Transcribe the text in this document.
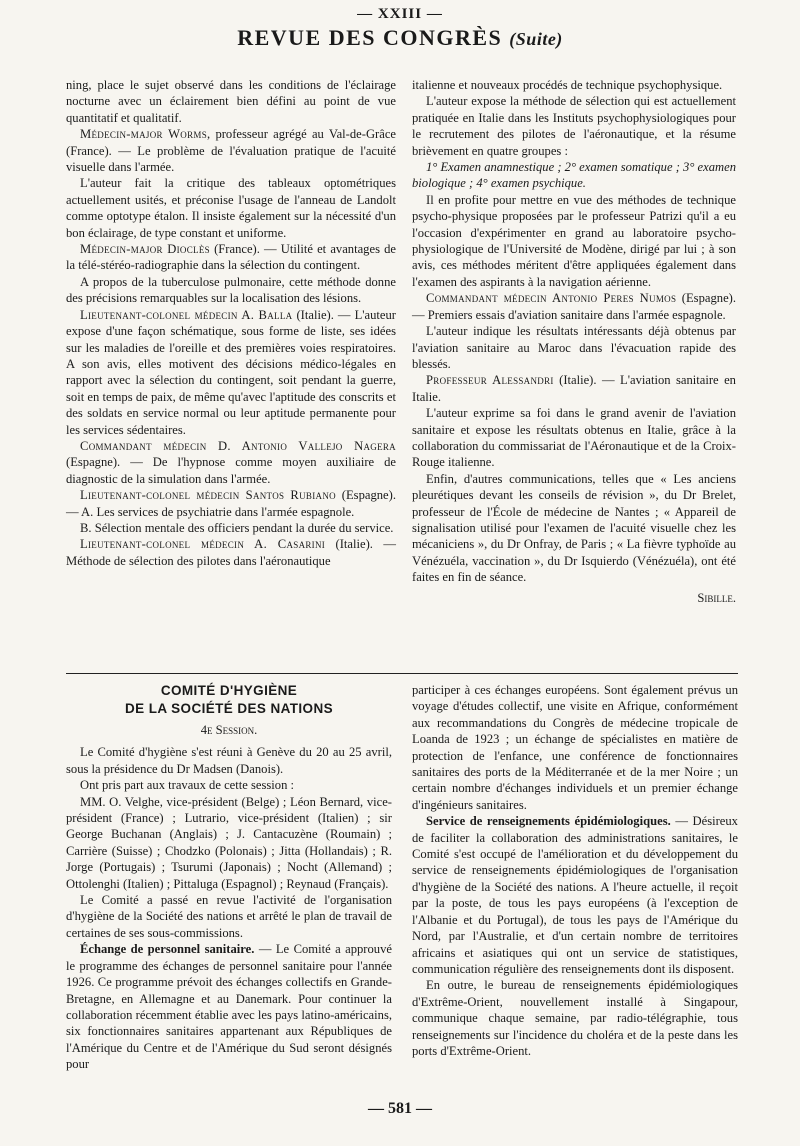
— XXIII —
REVUE DES CONGRÈS (Suite)

ning, place le sujet observé dans les conditions de l'éclairage nocturne avec un éclairement bien défini au point de vue quantitatif et qualitatif.

Médecin-major Worms, professeur agrégé au Val-de-Grâce (France). — Le problème de l'évaluation pratique de l'acuité visuelle dans l'armée.

L'auteur fait la critique des tableaux optométriques actuellement usités, et préconise l'usage de l'anneau de Landolt comme optotype étalon. Il insiste également sur la nécessité d'un bon éclairage, de type constant et uniforme.

Médecin-major Dioclès (France). — Utilité et avantages de la télé-stéréo-radiographie dans la sélection du contingent.

A propos de la tuberculose pulmonaire, cette méthode donne des précisions remarquables sur la localisation des lésions.

Lieutenant-colonel médecin A. Balla (Italie). — L'auteur expose d'une façon schématique, sous forme de liste, ses idées sur les maladies de l'oreille et des premières voies respiratoires. A son avis, elles motivent des décisions médico-légales en rapport avec la sélection du contingent, soit pendant la guerre, soit en temps de paix, de même qu'avec l'aptitude des conscrits et des soldats en service normal ou leur aptitude permanente pour les services sédentaires.

Commandant médecin D. Antonio Vallejo Nagera (Espagne). — De l'hypnose comme moyen auxiliaire de diagnostic de la simulation dans l'armée.

Lieutenant-colonel médecin Santos Rubiano (Espagne). — A. Les services de psychiatrie dans l'armée espagnole.

B. Sélection mentale des officiers pendant la durée du service.

Lieutenant-colonel médecin A. Casarini (Italie). — Méthode de sélection des pilotes dans l'aéronautique

italienne et nouveaux procédés de technique psychophysique.

L'auteur expose la méthode de sélection qui est actuellement pratiquée en Italie dans les Instituts psychophysiologiques pour le recrutement des pilotes de l'aéronautique, et la résume brièvement en quatre groupes :

1° Examen anamnestique ; 2° examen somatique ; 3° examen biologique ; 4° examen psychique.

Il en profite pour mettre en vue des méthodes de technique psycho-physique proposées par le professeur Patrizi qu'il a eu l'occasion d'expérimenter en grand au laboratoire psycho-physiologique de l'Université de Modène, dirigé par lui ; à son avis, ces méthodes méritent d'être appliquées également dans l'examen des aspirants à la navigation aérienne.

Commandant médecin Antonio Peres Numos (Espagne). — Premiers essais d'aviation sanitaire dans l'armée espagnole.

L'auteur indique les résultats intéressants déjà obtenus par l'aviation sanitaire au Maroc dans l'évacuation rapide des blessés.

Professeur Alessandri (Italie). — L'aviation sanitaire en Italie.

L'auteur exprime sa foi dans le grand avenir de l'aviation sanitaire et expose les résultats obtenus en Italie, grâce à la collaboration du commissariat de l'Aéronautique et de la Croix-Rouge italienne.

Enfin, d'autres communications, telles que « Les anciens pleurétiques devant les conseils de révision », du Dr Brelet, professeur de l'École de médecine de Nantes ; « Appareil de signalisation utilisé pour l'examen de l'acuité visuelle chez les mécaniciens », du Dr Onfray, de Paris ; « La fièvre typhoïde au Vénézuéla, vaccination », du Dr Isquierdo (Vénézuéla), ont été faites en fin de séance.

Sibille.
COMITÉ D'HYGIÈNE
DE LA SOCIÉTÉ DES NATIONS
4e Session.

Le Comité d'hygiène s'est réuni à Genève du 20 au 25 avril, sous la présidence du Dr Madsen (Danois).

Ont pris part aux travaux de cette session :

MM. O. Velghe, vice-président (Belge) ; Léon Bernard, vice-président (France) ; Lutrario, vice-président (Italien) ; sir George Buchanan (Anglais) ; J. Cantacuzène (Roumain) ; Carrière (Suisse) ; Chodzko (Polonais) ; Jitta (Hollandais) ; R. Jorge (Portugais) ; Tsurumi (Japonais) ; Nocht (Allemand) ; Ottolenghi (Italien) ; Pittaluga (Espagnol) ; Reynaud (Français).

Le Comité a passé en revue l'activité de l'organisation d'hygiène de la Société des nations et arrêté le plan de travail de certaines de ses sous-commissions.

Échange de personnel sanitaire. — Le Comité a approuvé le programme des échanges de personnel sanitaire pour l'année 1926. Ce programme prévoit des échanges collectifs en Grande-Bretagne, en Allemagne et au Danemark. Pour continuer la collaboration récemment établie avec les pays latino-américains, six fonctionnaires sanitaires appartenant aux Républiques de l'Amérique du Centre et de l'Amérique du Sud seront désignés pour

participer à ces échanges européens. Sont également prévus un voyage d'études collectif, une visite en Afrique, conformément aux recommandations du Congrès de médecine tropicale de Loanda de 1923 ; un échange de spécialistes en matière de protection de l'enfance, une conférence de fonctionnaires sanitaires des ports de la Méditerranée et de la mer Noire ; un certain nombre d'échanges individuels et un premier échange d'ingénieurs sanitaires.

Service de renseignements épidémiologiques. — Désireux de faciliter la collaboration des administrations sanitaires, le Comité s'est occupé de l'amélioration et du développement du service de renseignements épidémiologiques de l'organisation d'hygiène de la Société des nations. A l'heure actuelle, il reçoit par la poste, de tous les pays européens (à l'exception de l'Albanie et du Portugal), de tous les pays de l'Amérique du Nord, par l'Australie, et d'un certain nombre de territoires africains et asiatiques qui ont un service de statistiques, communication régulière des renseignements dont ils disposent.

En outre, le bureau de renseignements épidémiologiques d'Extrême-Orient, nouvellement installé à Singapour, communique chaque semaine, par radio-télégraphie, tous renseignements sur l'incidence du choléra et de la peste dans les ports d'Extrême-Orient.

— 581 —
